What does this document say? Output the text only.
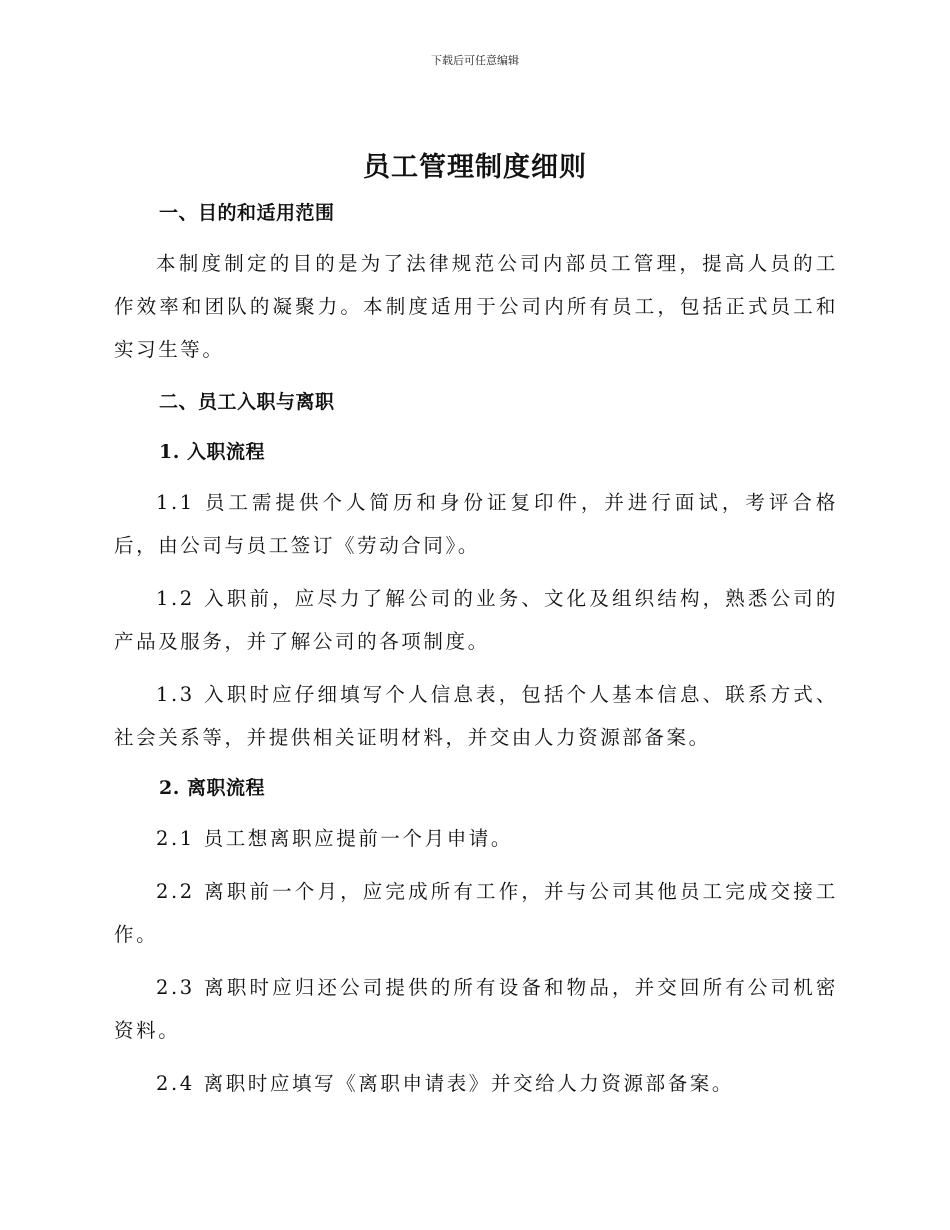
下载后可任意编辑
员工管理制度细则

一、目的和适用范围

本制度制定的目的是为了法律规范公司内部员工管理，提高人员的工作效率和团队的凝聚力。本制度适用于公司内所有员工，包括正式员工和实习生等。

二、员工入职与离职

1. 入职流程

1.1 员工需提供个人简历和身份证复印件，并进行面试，考评合格后，由公司与员工签订《劳动合同》。

1.2 入职前，应尽力了解公司的业务、文化及组织结构，熟悉公司的产品及服务，并了解公司的各项制度。

1.3 入职时应仔细填写个人信息表，包括个人基本信息、联系方式、社会关系等，并提供相关证明材料，并交由人力资源部备案。

2. 离职流程

2.1 员工想离职应提前一个月申请。

2.2 离职前一个月，应完成所有工作，并与公司其他员工完成交接工作。

2.3 离职时应归还公司提供的所有设备和物品，并交回所有公司机密资料。

2.4 离职时应填写《离职申请表》并交给人力资源部备案。
